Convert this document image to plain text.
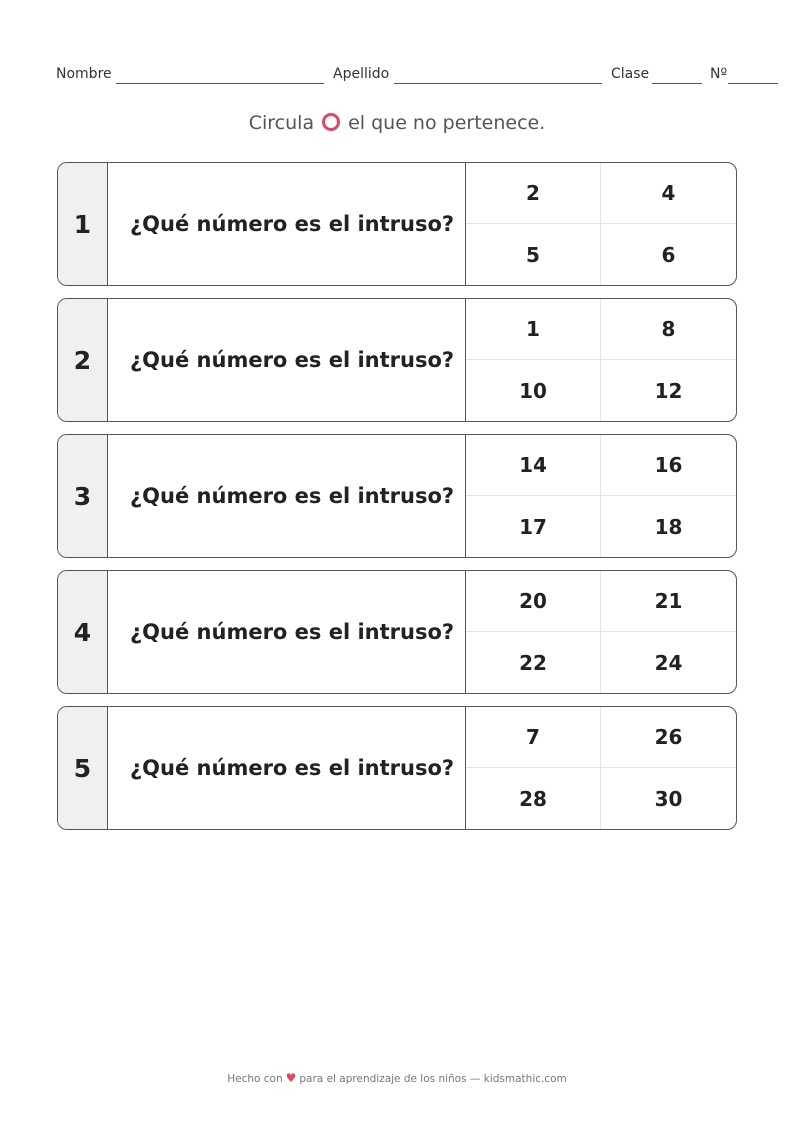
Nombre	Apellido	Clase	Nº
Circula el que no pertenece.
1	¿Qué número es el intruso?
2	4
5	6
2	¿Qué número es el intruso?
1	8
10	12
3	¿Qué número es el intruso?
14	16
17	18
4	¿Qué número es el intruso?
20	21
22	24
5	¿Qué número es el intruso?
7	26
28	30
Hecho con ♥ para el aprendizaje de los niños — kidsmathic.com
